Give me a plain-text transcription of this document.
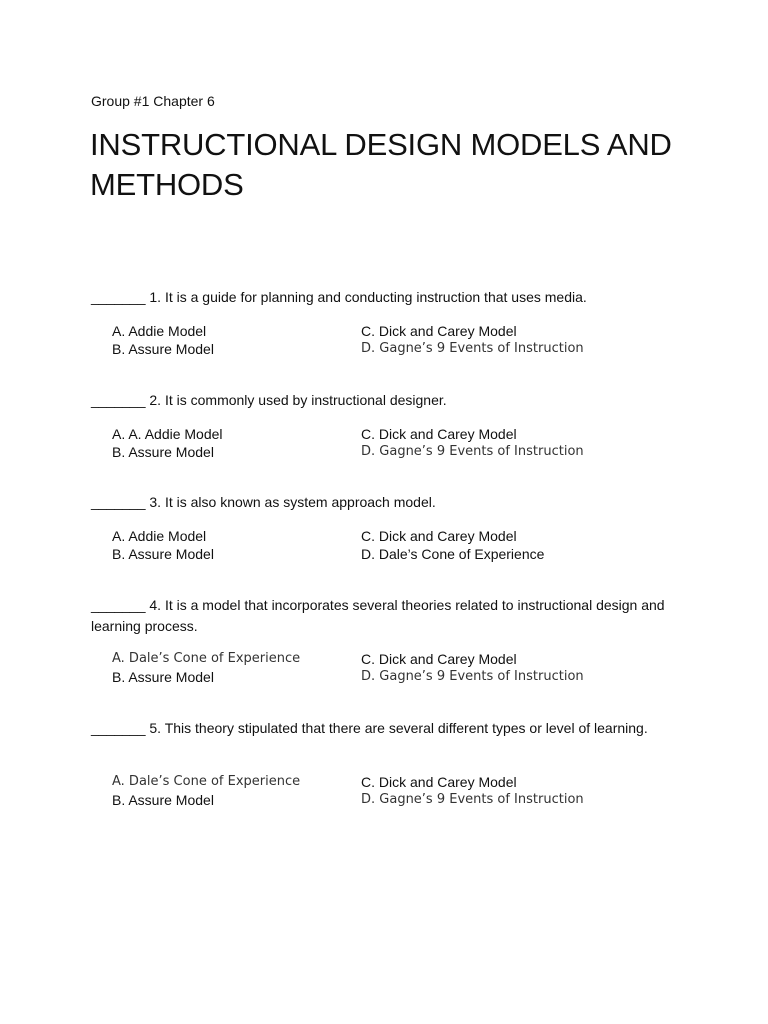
Group #1 Chapter 6
INSTRUCTIONAL DESIGN MODELS AND METHODS
_______ 1. It is a guide for planning and conducting instruction that uses media.
A. Addie Model	C. Dick and Carey Model
B. Assure Model	D. Gagne’s 9 Events of Instruction
_______ 2. It is commonly used by instructional designer.
A. A. Addie Model	C. Dick and Carey Model
B. Assure Model	D. Gagne’s 9 Events of Instruction
_______ 3. It is also known as system approach model.
A. Addie Model	C. Dick and Carey Model
B. Assure Model	D. Dale’s Cone of Experience
_______ 4. It is a model that incorporates several theories related to instructional design and learning process.
A. Dale’s Cone of Experience	C. Dick and Carey Model
B. Assure Model	D. Gagne’s 9 Events of Instruction
_______ 5. This theory stipulated that there are several different types or level of learning.
A. Dale’s Cone of Experience	C. Dick and Carey Model
B. Assure Model	D. Gagne’s 9 Events of Instruction
